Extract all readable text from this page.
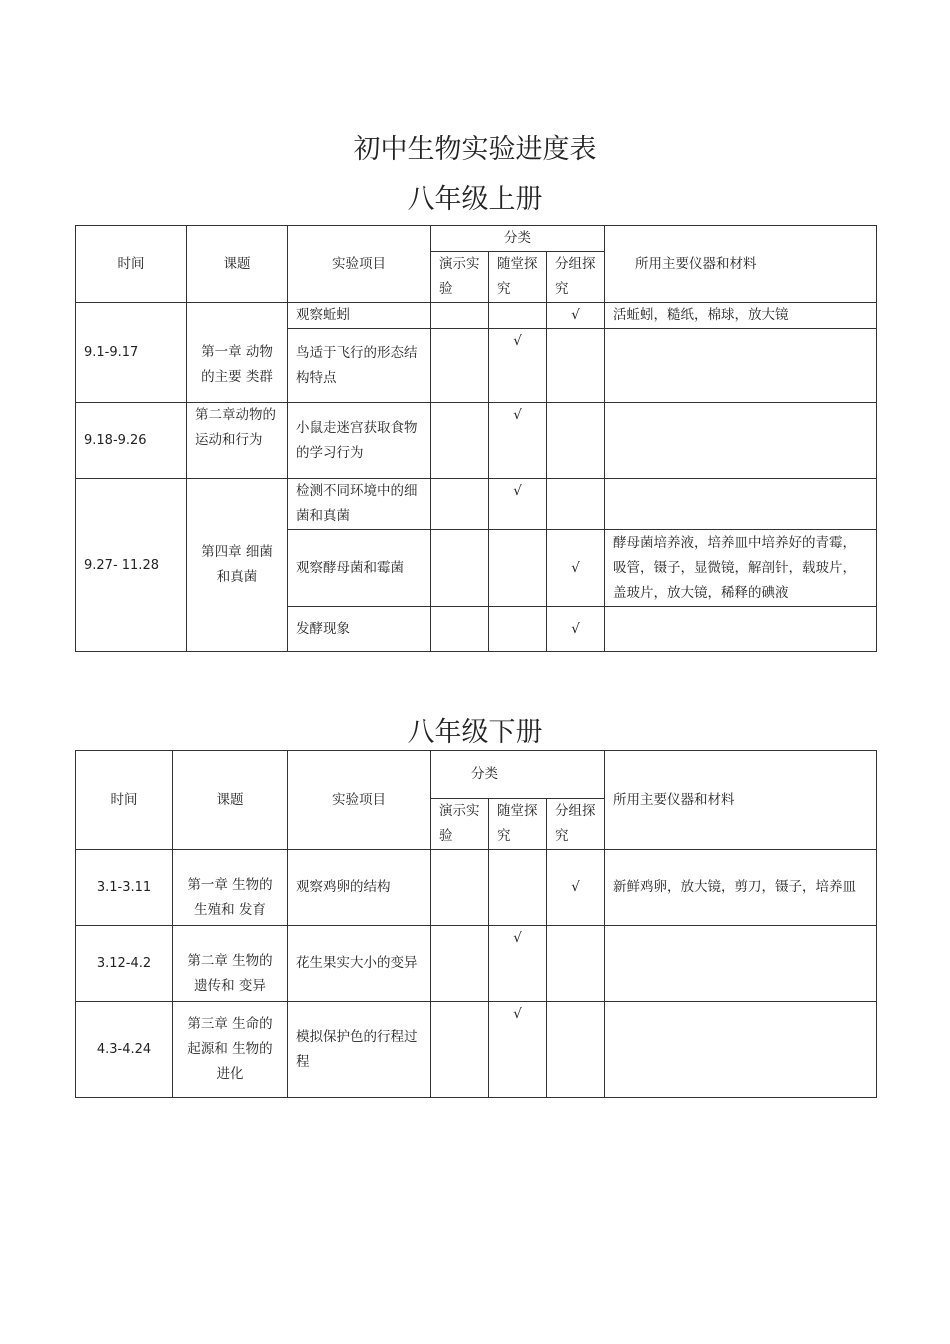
初中生物实验进度表
八年级上册
时间	课题	实验项目	分类			所用主要仪器和材料
			演示实验	随堂探究	分组探究	
9.1-9.17	第一章 动物的主要 类群	观察蚯蚓			√	活蚯蚓，糙纸，棉球，放大镜
		鸟适于飞行的形态结构特点		√		
9.18-9.26	第二章动物的运动和行为	小鼠走迷宫获取食物的学习行为		√		
9.27- 11.28	第四章 细菌和真菌	检测不同环境中的细菌和真菌		√		
		观察酵母菌和霉菌			√	酵母菌培养液，培养皿中培养好的青霉， 吸管，镊子，显微镜，解剖针，载玻片， 盖玻片，放大镜，稀释的碘液
		发酵现象			√	
八年级下册
时间	课题	实验项目	分类			所用主要仪器和材料
			演示实验	随堂探究	分组探究	
3.1-3.11	第一章 生物的生殖和 发育	观察鸡卵的结构			√	新鲜鸡卵，放大镜，剪刀，镊子，培养皿
3.12-4.2	第二章 生物的遗传和 变异	花生果实大小的变异		√		
4.3-4.24	第三章 生命的起源和 生物的进化	模拟保护色的行程过程		√		
